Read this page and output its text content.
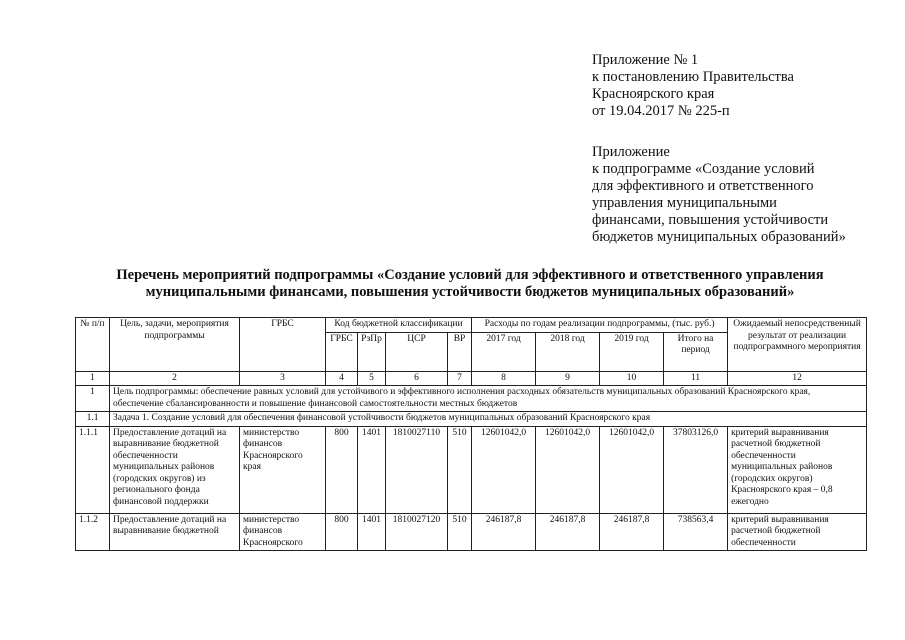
Приложение № 1
к постановлению Правительства
Красноярского края
от 19.04.2017 № 225-п
Приложение
к подпрограмме «Создание условий
для эффективного и ответственного
управления муниципальными
финансами, повышения устойчивости
бюджетов муниципальных образований»
Перечень мероприятий подпрограммы «Создание условий для эффективного и ответственного управления
муниципальными финансами, повышения устойчивости бюджетов муниципальных образований»
№ п/п	Цель, задачи, мероприятия подпрограммы	ГРБС	Код бюджетной классификации				Расходы по годам реализации подпрограммы, (тыс. руб.)				Ожидаемый непосредственный результат от реализации подпрограммного мероприятия
			ГРБС	РзПр	ЦСР	ВР	2017 год	2018 год	2019 год	Итого на период	
1	2	3	4	5	6	7	8	9	10	11	12
1	Цель подпрограммы: обеспечение равных условий для устойчивого и эффективного исполнения расходных обязательств муниципальных образований Красноярского края, обеспечение сбалансированности и повышение финансовой самостоятельности местных бюджетов										
1.1	Задача 1. Создание условий для обеспечения финансовой устойчивости бюджетов муниципальных образований Красноярского края										
1.1.1	Предоставление дотаций на выравнивание бюджетной обеспеченности муниципальных районов (городских округов) из регионального фонда финансовой поддержки	министерство финансов Красноярского края	800	1401	1810027110	510	12601042,0	12601042,0	12601042,0	37803126,0	критерий выравнивания расчетной бюджетной обеспеченности муниципальных районов (городских округов) Красноярского края – 0,8 ежегодно
1.1.2	Предоставление дотаций на выравнивание бюджетной	министерство финансов Красноярского	800	1401	1810027120	510	246187,8	246187,8	246187,8	738563,4	критерий выравнивания расчетной бюджетной обеспеченности
